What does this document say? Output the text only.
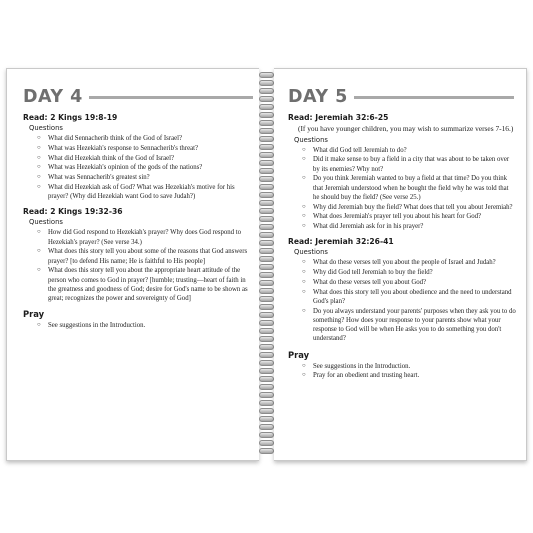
DAY 4
Read: 2 Kings 19:8-19
Questions
○ What did Sennacherib think of the God of Israel?
○ What was Hezekiah's response to Sennacherib's threat?
○ What did Hezekiah think of the God of Israel?
○ What was Hezekiah's opinion of the gods of the nations?
○ What was Sennacherib's greatest sin?
○ What did Hezekiah ask of God? What was Hezekiah's motive for his prayer? (Why did Hezekiah want God to save Judah?)
Read: 2 Kings 19:32-36
Questions
○ How did God respond to Hezekiah's prayer? Why does God respond to Hezekiah's prayer? (See verse 34.)
○ What does this story tell you about some of the reasons that God answers prayer? [to defend His name; He is faithful to His people]
○ What does this story tell you about the appropriate heart attitude of the person who comes to God in prayer? [humble; trusting—heart of faith in the greatness and goodness of God; desire for God's name to be shown as great; recognizes the power and sovereignty of God]
Pray
○ See suggestions in the Introduction.
DAY 5
Read: Jeremiah 32:6-25
(If you have younger children, you may wish to summarize verses 7-16.)
Questions
○ What did God tell Jeremiah to do?
○ Did it make sense to buy a field in a city that was about to be taken over by its enemies? Why not?
○ Do you think Jeremiah wanted to buy a field at that time? Do you think that Jeremiah understood when he bought the field why he was told that he should buy the field? (See verse 25.)
○ Why did Jeremiah buy the field? What does that tell you about Jeremiah?
○ What does Jeremiah's prayer tell you about his heart for God?
○ What did Jeremiah ask for in his prayer?
Read: Jeremiah 32:26-41
Questions
○ What do these verses tell you about the people of Israel and Judah?
○ Why did God tell Jeremiah to buy the field?
○ What do these verses tell you about God?
○ What does this story tell you about obedience and the need to understand God's plan?
○ Do you always understand your parents' purposes when they ask you to do something? How does your response to your parents show what your response to God will be when He asks you to do something you don't understand?
Pray
○ See suggestions in the Introduction.
○ Pray for an obedient and trusting heart.
